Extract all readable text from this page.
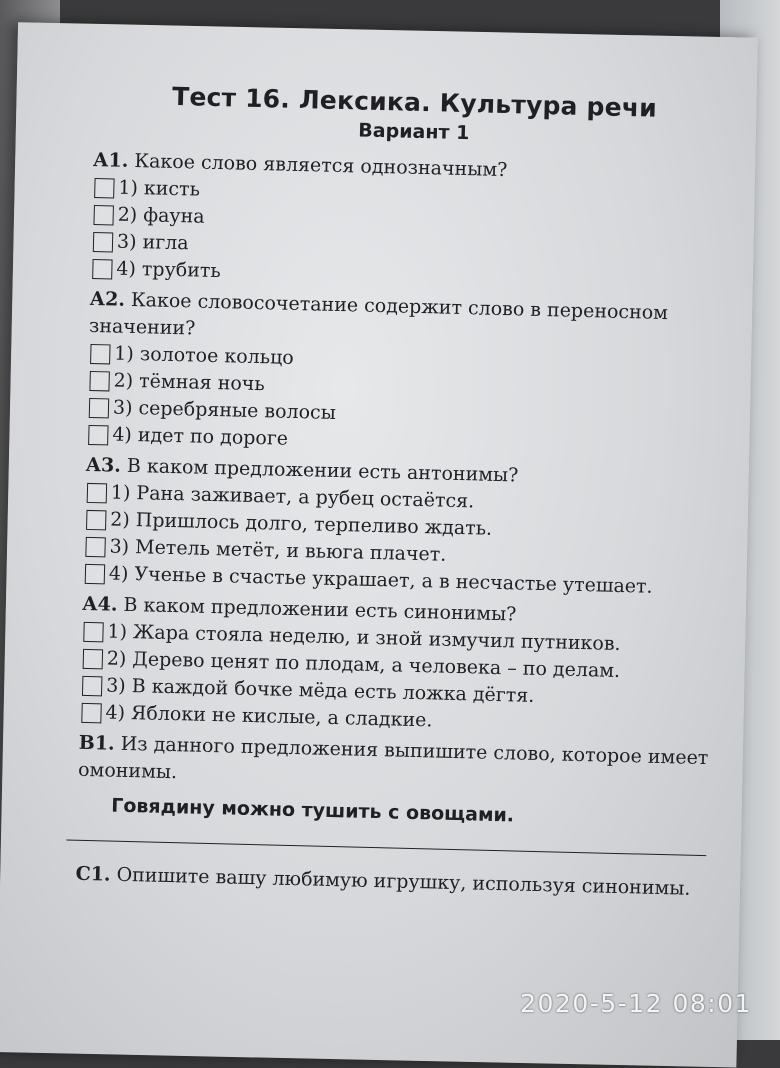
Тест 16. Лексика. Культура речи
Вариант 1

А1. Какое слово является однозначным?

1) кисть
2) фауна
3) игла
4) трубить

А2. Какое словосочетание содержит слово в переносном значении?

1) золотое кольцо
2) тёмная ночь
3) серебряные волосы
4) идет по дороге

А3. В каком предложении есть антонимы?

1) Рана заживает, а рубец остаётся.
2) Пришлось долго, терпеливо ждать.
3) Метель метёт, и вьюга плачет.
4) Ученье в счастье украшает, а в несчастье утешает.

А4. В каком предложении есть синонимы?

1) Жара стояла неделю, и зной измучил путников.
2) Дерево ценят по плодам, а человека – по делам.
3) В каждой бочке мёда есть ложка дёгтя.
4) Яблоки не кислые, а сладкие.

В1. Из данного предложения выпишите слово, которое имеет омонимы.

Говядину можно тушить с овощами.

С1. Опишите вашу любимую игрушку, используя синонимы.

2020-5-12 08:01
